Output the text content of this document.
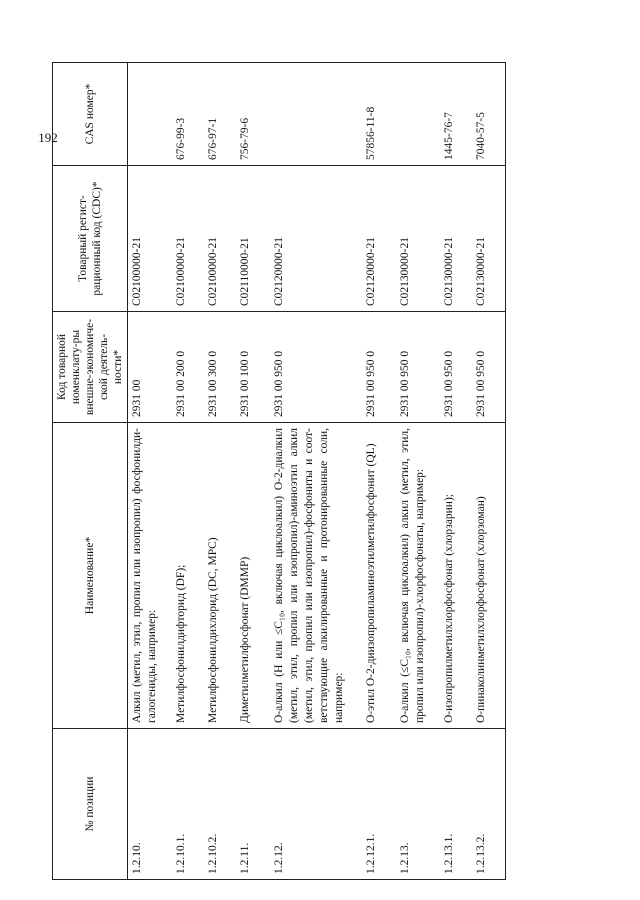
192
№ позиции	Наименование*	Код товарной номенклату-ры внешне-экономиче-ской деятель-ности*	Товарный регист-рационный код (CDC)*	CAS номер*
1.2.10.	Алкил (метил, этил, пропил или изопропил) фосфонилди-галогениды, например:	2931 00	C02100000-21	
1.2.10.1.	Метилфосфонилдифторид (DF);	2931 00 200 0	C02100000-21	676-99-3
1.2.10.2.	Метилфосфонилдихлорид (DC, MPC)	2931 00 300 0	C02100000-21	676-97-1
1.2.11.	Диметилметилфосфонат (DMMP)	2931 00 100 0	C02110000-21	756-79-6
1.2.12.	O-алкил (H или ≤C₁₀, включая циклоалкил) O-2-диалкил (метил, этил, пропил или изопропил)-аминоэтил алкил (метил, этил, пропил или изопропил)-фосфониты и соот-ветствующие алкилированные и протонированные соли, например:	2931 00 950 0	C02120000-21	
1.2.12.1.	O-этил O-2-диизопропиламиноэтилметилфосфонит (QL)	2931 00 950 0	C02120000-21	57856-11-8
1.2.13.	O-алкил (≤C₁₀, включая циклоалкил) алкил (метил, этил, пропил или изопропил)-хлорфосфонаты, например:	2931 00 950 0	C02130000-21	
1.2.13.1.	O-изопропилметилхлорфосфонат (хлорзарин);	2931 00 950 0	C02130000-21	1445-76-7
1.2.13.2.	O-пинаколинметилхлорфосфонат (хлорзоман)	2931 00 950 0	C02130000-21	7040-57-5
